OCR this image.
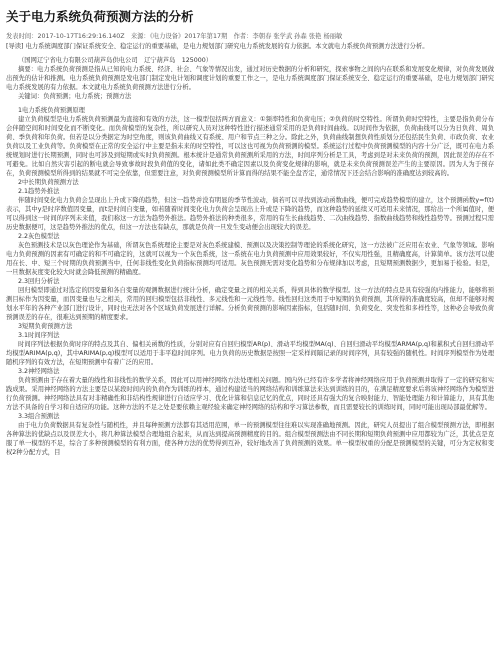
关于电力系统负荷预测方法的分析
发表时间：2017-10-17T16:29:16.140Z　来源：《电力设备》2017年第17期　作者：李朝春 张学武 孙森 张艳 杨丽敏
[导读] 电力系统调度部门保证系统安全、稳定运行的重要基础，是电力规划部门研究电力系统发展的有力依据。本文就电力系统负荷预测方法进行分析。
（国网辽宁省电力有限公司葫芦岛供电公司　辽宁葫芦岛　125000）
摘要：电力系统负荷预测是指从已知的电力系统、经济、社会、气象等情况出发，通过对历史数据的分析和研究，探索事物之间的内在联系和发展变化规律，对负荷发展做出预先的估计和推测。电力系统负荷预测是发电部门制定发电计划和调度计划的重要工作之一，是电力系统调度部门保证系统安全、稳定运行的重要基础，是电力规划部门研究电力系统发展的有力依据。本文就电力系统负荷预测方法进行分析。
关键词：负荷预测；电力系统；预测方法
1电力系统负荷预测原理
建立负荷模型是电力系统负荷预测最为直接和有效的方法，这一模型包括两方面意义：①频率特性和负荷电压；②负荷的时空特性。所谓负荷时空特性，主要是指负荷分布会伴随空间和时间变化而不断变化。而负荷模型的复杂性，所以研究人员对这种特性进行描述通常采用的是负荷时间曲线。以时间作为依据，负荷曲线可以分为日负荷、周负荷、季负荷和年负荷。但若是以分类据定为时空角度，则该负荷曲线又有系统、用户和节点三种之分。除此之外，负荷曲线制想负荷性质划分还包括民生负荷、市政负荷、农业负荷以及工业负荷等。负荷模型在正常的安全运行中主要是指未来的时空特性，可以这也可视为负荷预测的模型。系统运行过程中负荷预测模型的内容十分广泛，既可在电力系统规划时进行长期预测，同时也可涉及到短期或实时负荷预测。根本统计是通常负荷预测所采用的方法，时间序列分析是工具，考虑到是对未来负荷的预测，因此误差的存在不可避免。比如自然灾害引起的断电就会导致事故时段负荷值的变化，诸如此类不确定因素以及负荷变化规律的影响，就是未来负荷预测误差产生的主要原因。因为人为于预存在，负荷预测模型所得到的结果就不可完全依靠，但需要注意，对负荷预测模型所计算而得的结果不能全盘否定，通常情况下还会结合影响的准确度达到较高的。
2中长期负荷预测方法
2.1趋势外推法
伴随时间变化电力负荷会呈现出上升或下降的趋势，但这一趋势并没有明显的季节性波动，倘若可以寻找到波动函数曲线，便可完成趋势模型的建立，这个预测函数y=f(t)表示，其中y是时序数值因变量，而t是时间自变量，如若随着时间变化电力负荷会呈现出上升或是下降的趋势，而这种趋势的延续又可适用未来情况，那给出一个所属值时，便可以得到这一时间的序列未来值，我们称这一方法为趋势外推法。趋势外推法的种类很多，常用的有生长曲线趋势、二次曲线趋势、指数曲线趋势和线性趋势等。预测过程只需历史数据便可，这是趋势外推法的优点，但这一方法也有缺点，那就是负荷一旦发生变动便会出现较大的误差。
2.2灰色模型法
灰色预测技术是以灰色理论作为基础，所谓灰色系统理论主要是对灰色系统建模、预测以及决策控制等理论的系统化研究，这一方法被广泛应用在农业、气象等领域。影响电力负荷预测的因素有可确定的和不可确定的，这就可以视为一个灰色系统，这一系统在电力负荷预测中应用效果较好，不仅实用性强，且精确度高，计算简单。该方法可以使用在长、中、短三个时期的负荷预测当中，任何非线性变化负荷指标预测均可适用。灰色预测无需对变化趋势和分布规律加以考虑，且短期预测数据少，更加易于检验。但是，一旦数据灰度变化较大时就会降低预测的精确度。
2.3回归分析法
回归模型即通过对选定的因变量和各自变量的观测数据进行统计分析，确定变量之间的相关关系，得到具体的数学模型。这一方法的特点是具有较强的内推能力，能够将预测目标作为因变量，而因变量也与之相关，常用的回归模型包括非线性、多元线性和一元线性等。线性回归这类用于中短期的负荷预测，其所得的准确度较高，但却不能够对规划水平年的各种产业部门进行设计，同时也无法对各个区域负荷发展进行详解。分析负荷预测的影响因素指标，包括随时间、负荷变化、突发性和多样性等，这种必会导致负荷预测误差的存在，很难达到预期的精度要求。
3短期负荷预测方法
3.1时间序列法
时间序列法根据负荷时序的特点及其自、偏相关函数的性质，分别对应有自回归模型AR(p)、滑动平均模型MA(q)、自回归滑动平均模型ARMA(p,q)和累积式自回归滑动平均模型ARIMA(p,q)，其中ARIMA(p,q)模型可以适用于非平稳时间序列。电力负荷的历史数据是按照一定采样间隔记录的时间序列，具有较强的随机性。时间序列模型作为处理随机序列的有效方法，在短期预测中有着广泛的应用。
3.2神经网络法
负荷预测由于存在着大量的线性和非线性的数学关系，因此可以用神经网络方法处理相关问题。国内外已经有许多学者将神经网络应用于负荷预测并取得了一定的研究和实践成果。采用神经网络的方法主要是以某段时间内的负荷作为训练的样本，通过构建适当的网络结构和训练算法来达到训练的目的，在满足精度要求后将该神经网络作为模型进行负荷预测。神经网络法具有对非精确性和非结构性规律进行自适应学习、优化计算和信息记忆的优点，同时还具有强大的复合映射能力、智能处理能力和计算能力，具有其他方法不具备的自学习和自适应的功能。这种方法的不足之处是要依赖主观经验来确定神经网络的结构和学习算法参数，而且需要较长的训练时间，同时可能出现局部最优解等。
3.3组合预测法
由于电力负荷数据具有复杂性与随机性，并且每种预测方法都有其适用范围，单一的预测模型往往难以实现准确地预测。因此，研究人员提出了组合模型预测方法，即根据各种算法的优缺点以及误差大小，将几种算法模型合理地组合起来，从而达到提高预测精度的目的。组合模型预测法由不同长期和短期负荷预测中应用都较为广泛，其优点是克服了单一模型的不足，综合了多种预测模型的有利方面，使各种方法的优势得到互补，较好地改善了负荷预测的效果。单一模型权重的分配是预测模型的关键，可分为定权和变权2种分配方式，目
